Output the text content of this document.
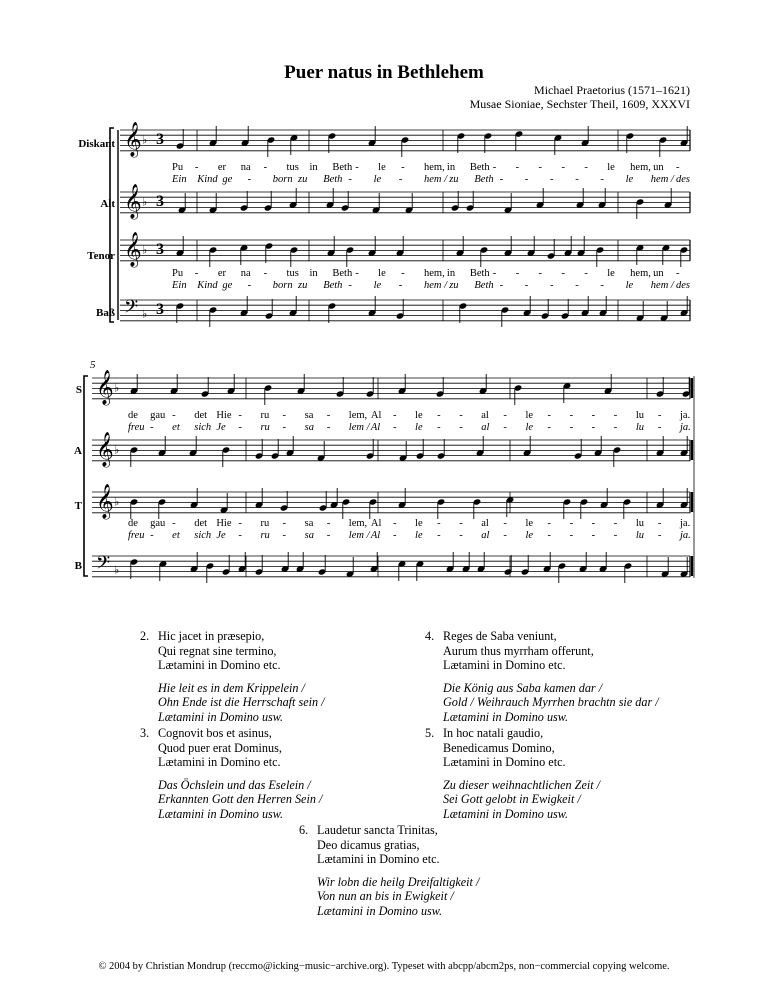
Puer natus in Bethlehem
Michael Praetorius (1571–1621)
Musae Sioniae, Sechster Theil, 1609, XXXVI
Diskant
Alt
Tenor
Baß
5
S
A
T
B
𝄞 ♭ 3
𝄞 ♭ 3
𝄞 ♭ 3
𝄢 ♭ 3
𝄞 ♭
𝄞 ♭
𝄞 ♭
𝄢 ♭
Pu - er na - tus in Beth - le - hem, in Beth - - - - - le hem, un -
Ein Kind ge - born zu Beth - le - hem / zu Beth - - - - - le hem / des
Pu - er na - tus in Beth - le - hem, in Beth - - - - - le hem, un -
Ein Kind ge - born zu Beth - le - hem / zu Beth - - - - - le hem / des
de gau - det Hie - ru - sa - lem, Al - le - - al - le - - - - lu - ja.
freu - et sich Je - ru - sa - lem / Al - le - - al - le - - - - lu - ja.
de gau - det Hie - ru - sa - lem, Al - le - - al - le - - - - lu - ja.
freu - et sich Je - ru - sa - lem / Al - le - - al - le - - - - lu - ja.
2. Hic jacet in præsepio,
Qui regnat sine termino,
Lætamini in Domino etc.
Hie leit es in dem Krippelein /
Ohn Ende ist die Herrschaft sein /
Lætamini in Domino usw.
3. Cognovit bos et asinus,
Quod puer erat Dominus,
Lætamini in Domino etc.
Das Öchslein und das Eselein /
Erkannten Gott den Herren Sein /
Lætamini in Domino usw.
4. Reges de Saba veniunt,
Aurum thus myrrham offerunt,
Lætamini in Domino etc.
Die König aus Saba kamen dar /
Gold / Weihrauch Myrrhen brachtn sie dar /
Lætamini in Domino usw.
5. In hoc natali gaudio,
Benedicamus Domino,
Lætamini in Domino etc.
Zu dieser weihnachtlichen Zeit /
Sei Gott gelobt in Ewigkeit /
Lætamini in Domino usw.
6. Laudetur sancta Trinitas,
Deo dicamus gratias,
Lætamini in Domino etc.
Wir lobn die heilg Dreifaltigkeit /
Von nun an bis in Ewigkeit /
Lætamini in Domino usw.
© 2004 by Christian Mondrup (reccmo@icking−music−archive.org). Typeset with abcpp/abcm2ps, non−commercial copying welcome.
